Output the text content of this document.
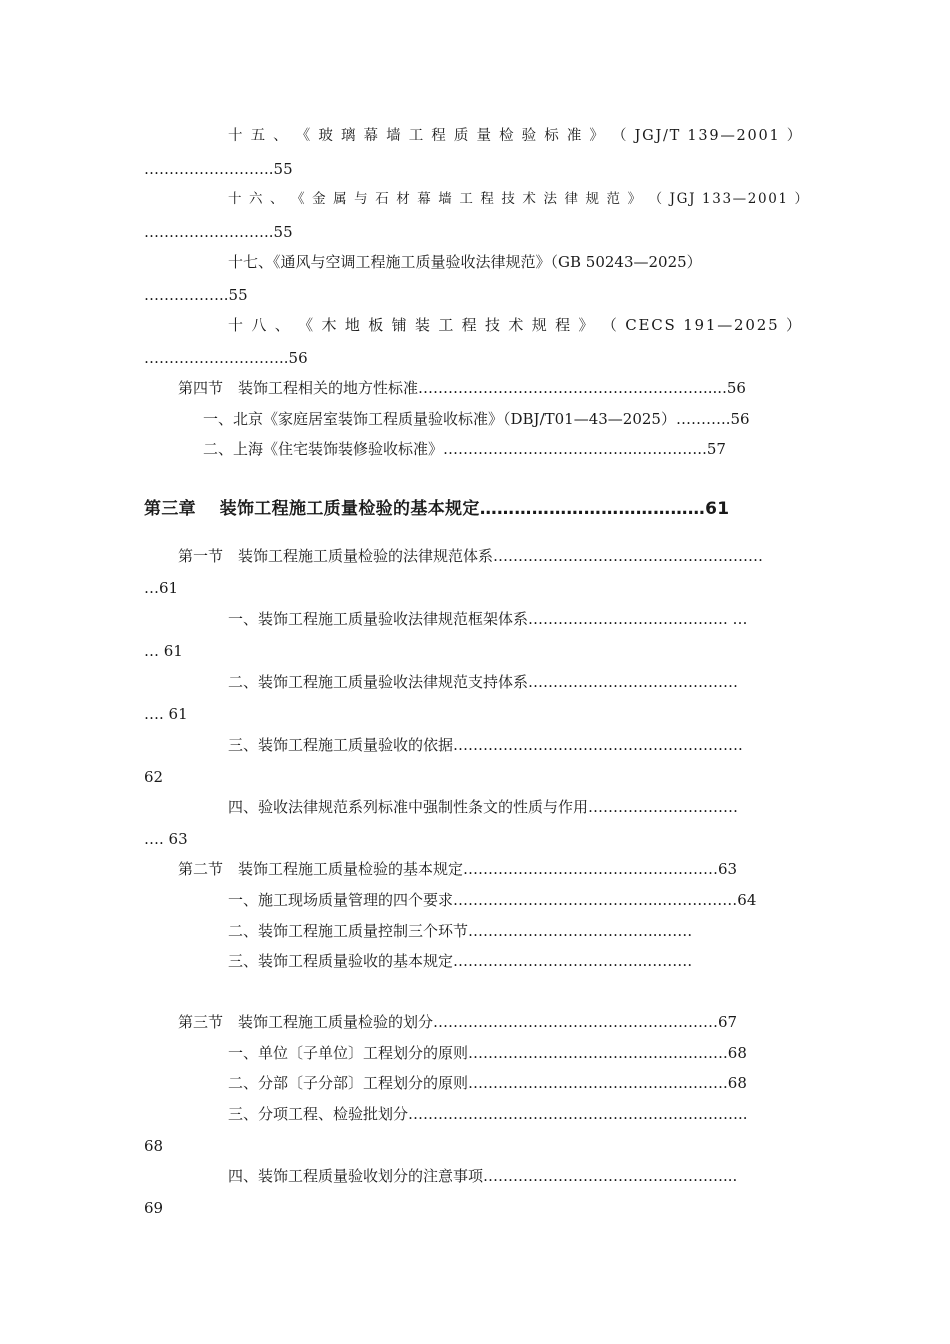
十 五 、 《 玻 璃 幕 墙 工 程 质 量 检 验 标 准 》 （ JGJ/T 139—2001 ）
……………………..55
十 六 、 《 金 属 与 石 材 幕 墙 工 程 技 术 法 律 规 范 》 （ JGJ 133—2001 ）
……………………..55
十七、《通风与空调工程施工质量验收法律规范》（GB 50243—2025）
……………..55
十 八 、 《 木 地 板 铺 装 工 程 技 术 规 程 》 （ CECS 191—2025 ）
………………………..56
第四节　装饰工程相关的地方性标准………………………………………………….....56
一、北京《家庭居室装饰工程质量验收标准》（DBJ/T01—43—2025）………..56
二、上海《住宅装饰装修验收标准》………………………………...…………..57
第三章　 装饰工程施工质量检验的基本规定…………………………………61
第一节　装饰工程施工质量检验的法律规范体系………………………………………………
…61
一、装饰工程施工质量验收法律规范框架体系…………………………………. …
… 61
二、装饰工程施工质量验收法律规范支持体系……………………………………
…. 61
三、装饰工程施工质量验收的依据………………………………………………….
62
四、验收法律规范系列标准中强制性条文的性质与作用…………………………
…. 63
第二节　装饰工程施工质量检验的基本规定……………………………………………63
一、施工现场质量管理的四个要求…………………………………...……………64
二、装饰工程施工质量控制三个环节………………………………...……
三、装饰工程质量验收的基本规定………………………………...………
第三节　装饰工程施工质量检验的划分…………………………………………………67
一、单位〔子单位〕工程划分的原则…………………………………………….68
二、分部〔子分部〕工程划分的原则…………………………………………….68
三、分项工程、检验批划分…………………………………………………………..
68
四、装饰工程质量验收划分的注意事项…………………………………………...
69
